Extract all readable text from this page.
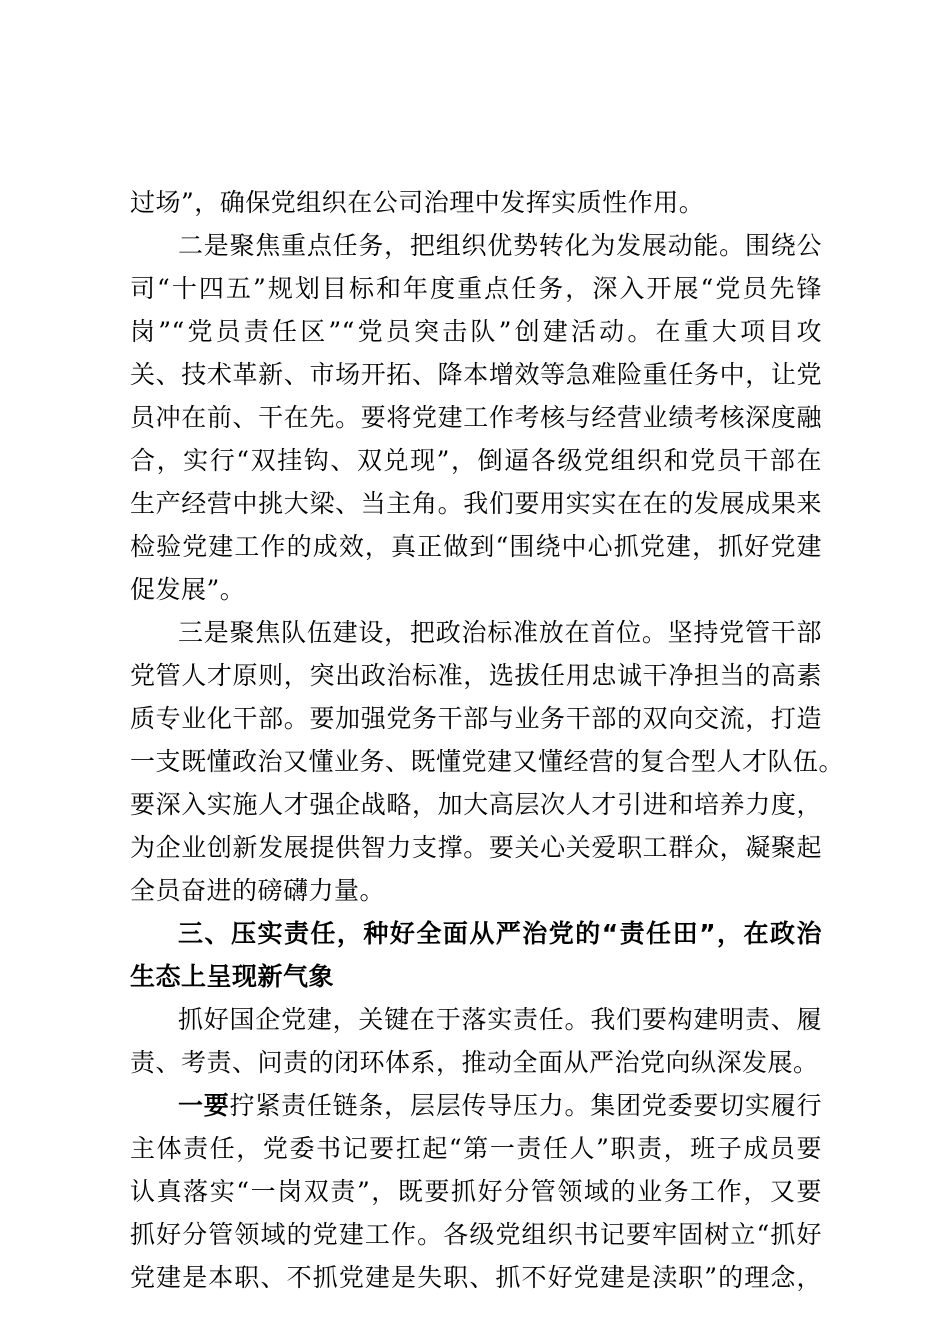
过场”，确保党组织在公司治理中发挥实质性作用。
二是聚焦重点任务，把组织优势转化为发展动能。围绕公
司“十四五”规划目标和年度重点任务，深入开展“党员先锋
岗”“党员责任区”“党员突击队”创建活动。在重大项目攻
关、技术革新、市场开拓、降本增效等急难险重任务中，让党
员冲在前、干在先。要将党建工作考核与经营业绩考核深度融
合，实行“双挂钩、双兑现”，倒逼各级党组织和党员干部在
生产经营中挑大梁、当主角。我们要用实实在在的发展成果来
检验党建工作的成效，真正做到“围绕中心抓党建，抓好党建
促发展”。
三是聚焦队伍建设，把政治标准放在首位。坚持党管干部
党管人才原则，突出政治标准，选拔任用忠诚干净担当的高素
质专业化干部。要加强党务干部与业务干部的双向交流，打造
一支既懂政治又懂业务、既懂党建又懂经营的复合型人才队伍。
要深入实施人才强企战略，加大高层次人才引进和培养力度，
为企业创新发展提供智力支撑。要关心关爱职工群众，凝聚起
全员奋进的磅礴力量。
三、压实责任，种好全面从严治党的“责任田”，在政治
生态上呈现新气象
抓好国企党建，关键在于落实责任。我们要构建明责、履
责、考责、问责的闭环体系，推动全面从严治党向纵深发展。
一要拧紧责任链条，层层传导压力。集团党委要切实履行
主体责任，党委书记要扛起“第一责任人”职责，班子成员要
认真落实“一岗双责”，既要抓好分管领域的业务工作，又要
抓好分管领域的党建工作。各级党组织书记要牢固树立“抓好
党建是本职、不抓党建是失职、抓不好党建是渎职”的理念，
